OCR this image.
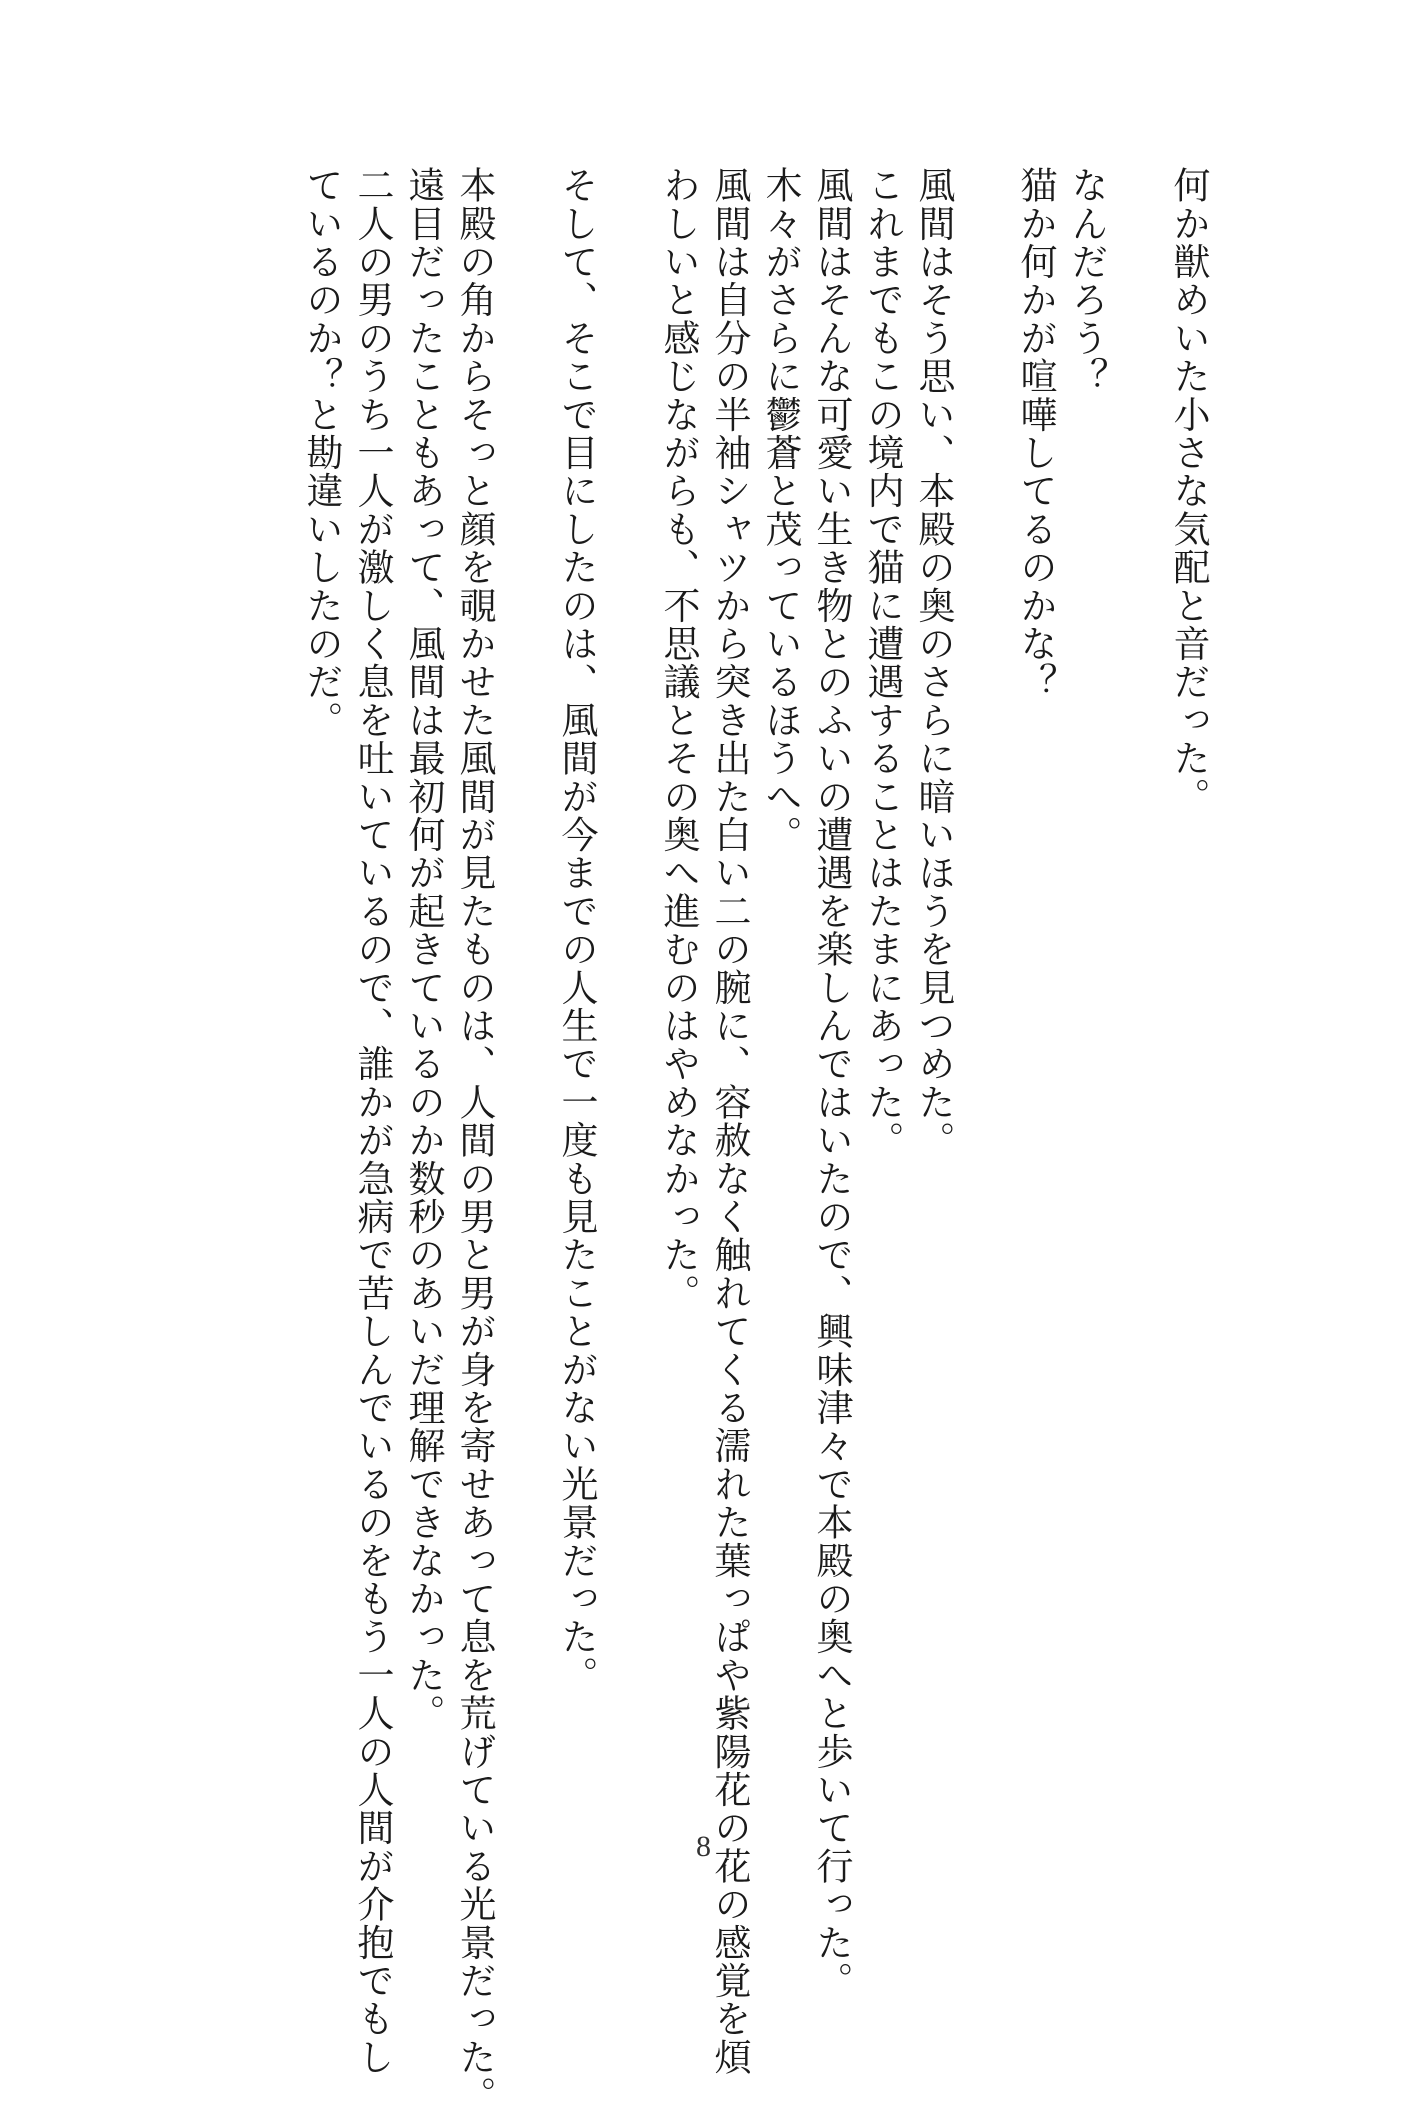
何か獣めいた小さな気配と音だった。

なんだろう？

猫か何かが喧嘩してるのかな？

風間はそう思い、本殿の奥のさらに暗いほうを見つめた。

これまでもこの境内で猫に遭遇することはたまにあった。

風間はそんな可愛い生き物とのふいの遭遇を楽しんではいたので、興味津々で本殿の奥へと歩いて行った。

木々がさらに鬱蒼と茂っているほうへ。

風間は自分の半袖シャツから突き出た白い二の腕に、容赦なく触れてくる濡れた葉っぱや紫陽花の花の感覚を煩

わしいと感じながらも、不思議とその奥へ進むのはやめなかった。

そして、そこで目にしたのは、風間が今までの人生で一度も見たことがない光景だった。

本殿の角からそっと顔を覗かせた風間が見たものは、人間の男と男が身を寄せあって息を荒げている光景だった。

遠目だったこともあって、風間は最初何が起きているのか数秒のあいだ理解できなかった。

二人の男のうち一人が激しく息を吐いているので、誰かが急病で苦しんでいるのをもう一人の人間が介抱でもし

ているのか？と勘違いしたのだ。

8
